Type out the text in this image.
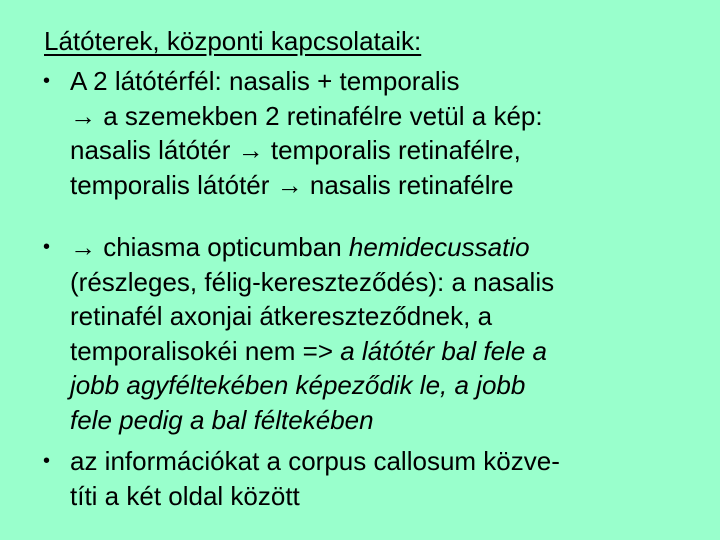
Látóterek, központi kapcsolataik:
• A 2 látótérfél: nasalis + temporalis
→ a szemekben 2 retinafélre vetül a kép:
nasalis látótér → temporalis retinafélre,
temporalis látótér → nasalis retinafélre
• → chiasma opticumban hemidecussatio
(részleges, félig-kereszteződés): a nasalis
retinafél axonjai átkereszteződnek, a
temporalisokéi nem => a látótér bal fele a
jobb agyféltekében képeződik le, a jobb
fele pedig a bal féltekében
• az információkat a corpus callosum közve-
títi a két oldal között
